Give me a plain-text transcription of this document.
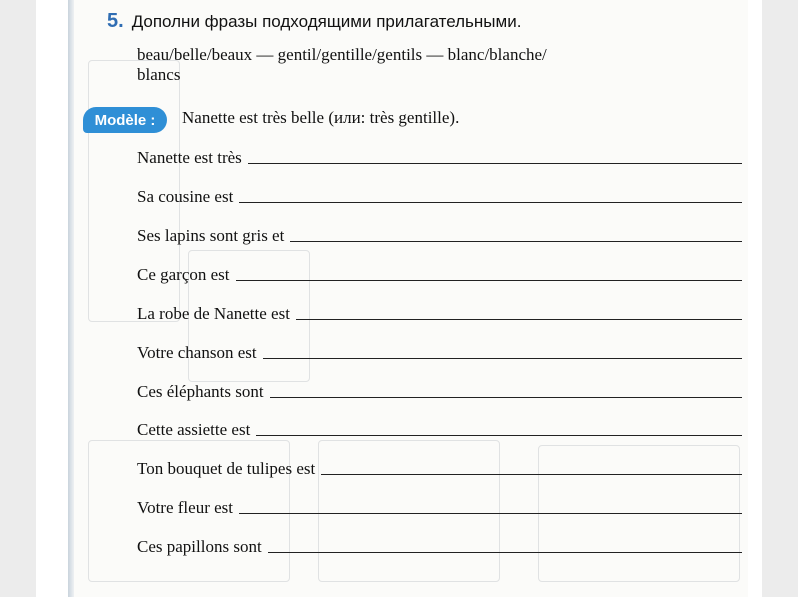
5. Дополни фразы подходящими прилагательными.
beau/belle/beaux — gentil/gentille/gentils — blanc/blanche/
blancs
Modèle :	Nanette est très belle (или: très gentille).
Nanette est très
Sa cousine est
Ses lapins sont gris et
Ce garçon est
La robe de Nanette est
Votre chanson est
Ces éléphants sont
Cette assiette est
Ton bouquet de tulipes est
Votre fleur est
Ces papillons sont
